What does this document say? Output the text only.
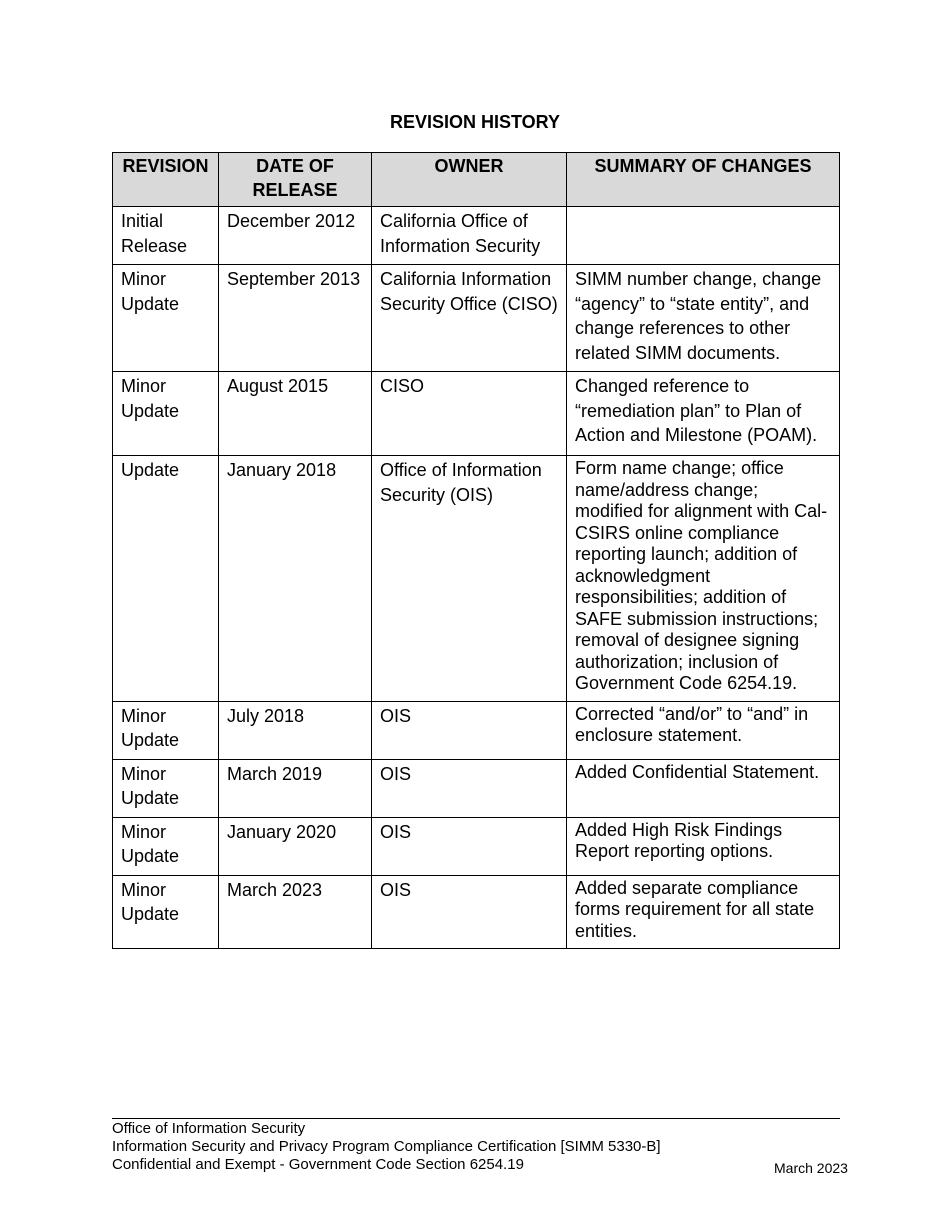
REVISION HISTORY
REVISION	DATE OF RELEASE	OWNER	SUMMARY OF CHANGES
Initial Release	December 2012	California Office of Information Security	
Minor Update	September 2013	California Information Security Office (CISO)	SIMM number change, change “agency” to “state entity”, and change references to other related SIMM documents.
Minor Update	August 2015	CISO	Changed reference to “remediation plan” to Plan of Action and Milestone (POAM).
Update	January 2018	Office of Information Security (OIS)	Form name change; office name/address change; modified for alignment with Cal-CSIRS online compliance reporting launch; addition of acknowledgment responsibilities; addition of SAFE submission instructions; removal of designee signing authorization; inclusion of Government Code 6254.19.
Minor Update	July 2018	OIS	Corrected “and/or” to “and” in enclosure statement.
Minor Update	March 2019	OIS	Added Confidential Statement.
Minor Update	January 2020	OIS	Added High Risk Findings Report reporting options.
Minor Update	March 2023	OIS	Added separate compliance forms requirement for all state entities.
Office of Information Security
Information Security and Privacy Program Compliance Certification [SIMM 5330-B]
Confidential and Exempt - Government Code Section 6254.19	March 2023
